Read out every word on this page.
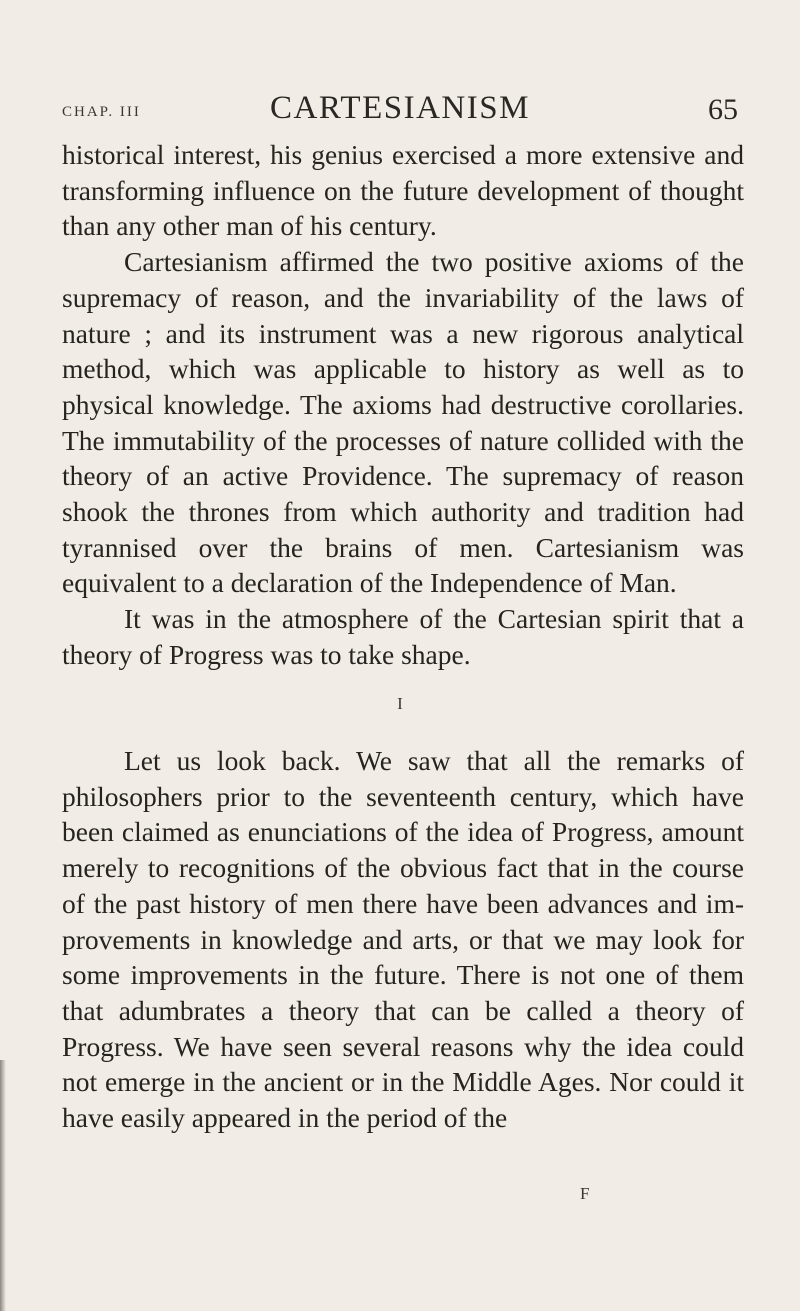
CHAP. III	CARTESIANISM	65

historical interest, his genius exercised a more extensive and transforming influence on the future development of thought than any other man of his century.

Cartesianism affirmed the two positive axioms of the supremacy of reason, and the invariability of the laws of nature ; and its instrument was a new rigorous analytical method, which was applicable to history as well as to physical knowledge. The axioms had destructive corollaries. The immutability of the processes of nature collided with the theory of an active Providence. The supremacy of reason shook the thrones from which authority and tradition had tyrannised over the brains of men. Cartesianism was equivalent to a declaration of the Independence of Man.

It was in the atmosphere of the Cartesian spirit that a theory of Progress was to take shape.

I

Let us look back. We saw that all the remarks of philosophers prior to the seventeenth century, which have been claimed as enunciations of the idea of Progress, amount merely to recognitions of the obvious fact that in the course of the past history of men there have been advances and im- provements in knowledge and arts, or that we may look for some improvements in the future. There is not one of them that adumbrates a theory that can be called a theory of Progress. We have seen several reasons why the idea could not emerge in the ancient or in the Middle Ages. Nor could it have easily appeared in the period of the

F
